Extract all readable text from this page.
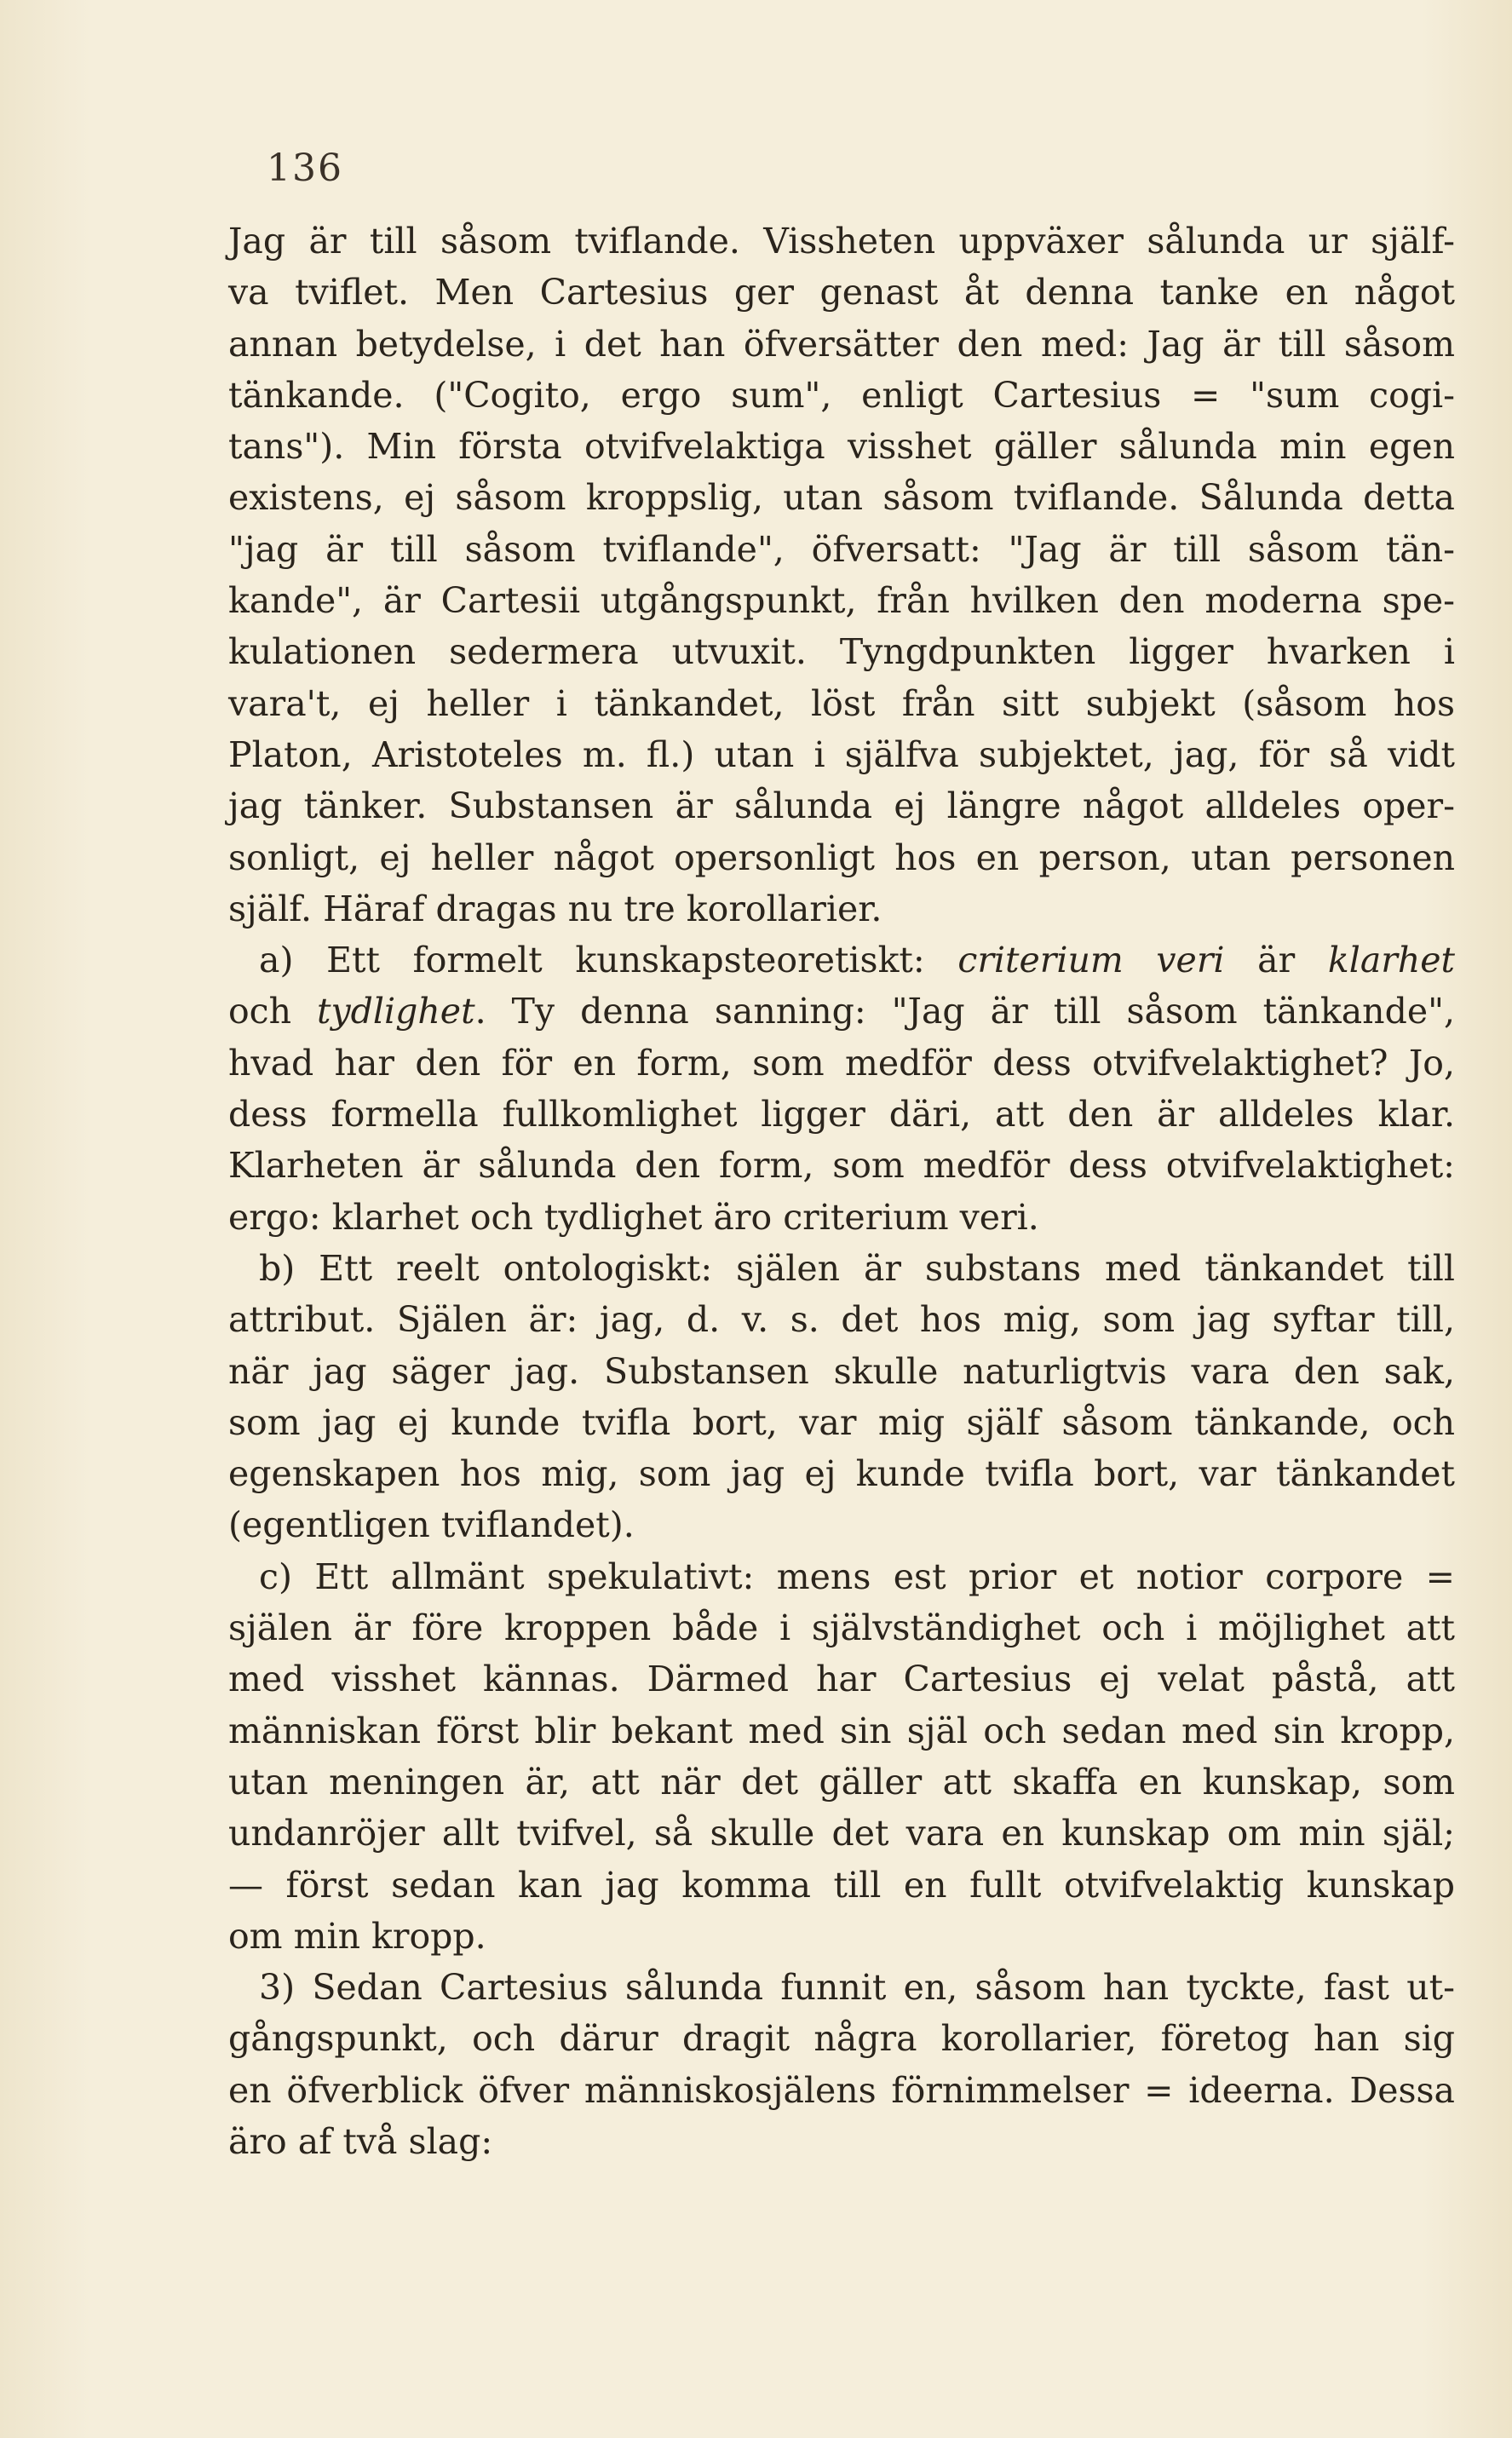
136
Jag är till såsom tviflande. Vissheten uppväxer sålunda ur själf-
va tviflet. Men Cartesius ger genast åt denna tanke en något
annan betydelse, i det han öfversätter den med: Jag är till såsom
tänkande. ("Cogito, ergo sum", enligt Cartesius = "sum cogi-
tans"). Min första otvifvelaktiga visshet gäller sålunda min egen
existens, ej såsom kroppslig, utan såsom tviflande. Sålunda detta
"jag är till såsom tviflande", öfversatt: "Jag är till såsom tän-
kande", är Cartesii utgångspunkt, från hvilken den moderna spe-
kulationen sedermera utvuxit. Tyngdpunkten ligger hvarken i
vara't, ej heller i tänkandet, löst från sitt subjekt (såsom hos
Platon, Aristoteles m. fl.) utan i själfva subjektet, jag, för så vidt
jag tänker. Substansen är sålunda ej längre något alldeles oper-
sonligt, ej heller något opersonligt hos en person, utan personen
själf. Häraf dragas nu tre korollarier.
a) Ett formelt kunskapsteoretiskt: criterium veri är klarhet
och tydlighet. Ty denna sanning: "Jag är till såsom tänkande",
hvad har den för en form, som medför dess otvifvelaktighet? Jo,
dess formella fullkomlighet ligger däri, att den är alldeles klar.
Klarheten är sålunda den form, som medför dess otvifvelaktighet:
ergo: klarhet och tydlighet äro criterium veri.
b) Ett reelt ontologiskt: själen är substans med tänkandet till
attribut. Själen är: jag, d. v. s. det hos mig, som jag syftar till,
när jag säger jag. Substansen skulle naturligtvis vara den sak,
som jag ej kunde tvifla bort, var mig själf såsom tänkande, och
egenskapen hos mig, som jag ej kunde tvifla bort, var tänkandet
(egentligen tviflandet).
c) Ett allmänt spekulativt: mens est prior et notior corpore =
själen är före kroppen både i självständighet och i möjlighet att
med visshet kännas. Därmed har Cartesius ej velat påstå, att
människan först blir bekant med sin själ och sedan med sin kropp,
utan meningen är, att när det gäller att skaffa en kunskap, som
undanröjer allt tvifvel, så skulle det vara en kunskap om min själ;
— först sedan kan jag komma till en fullt otvifvelaktig kunskap
om min kropp.
3) Sedan Cartesius sålunda funnit en, såsom han tyckte, fast ut-
gångspunkt, och därur dragit några korollarier, företog han sig
en öfverblick öfver människosjälens förnimmelser = ideerna. Dessa
äro af två slag:
